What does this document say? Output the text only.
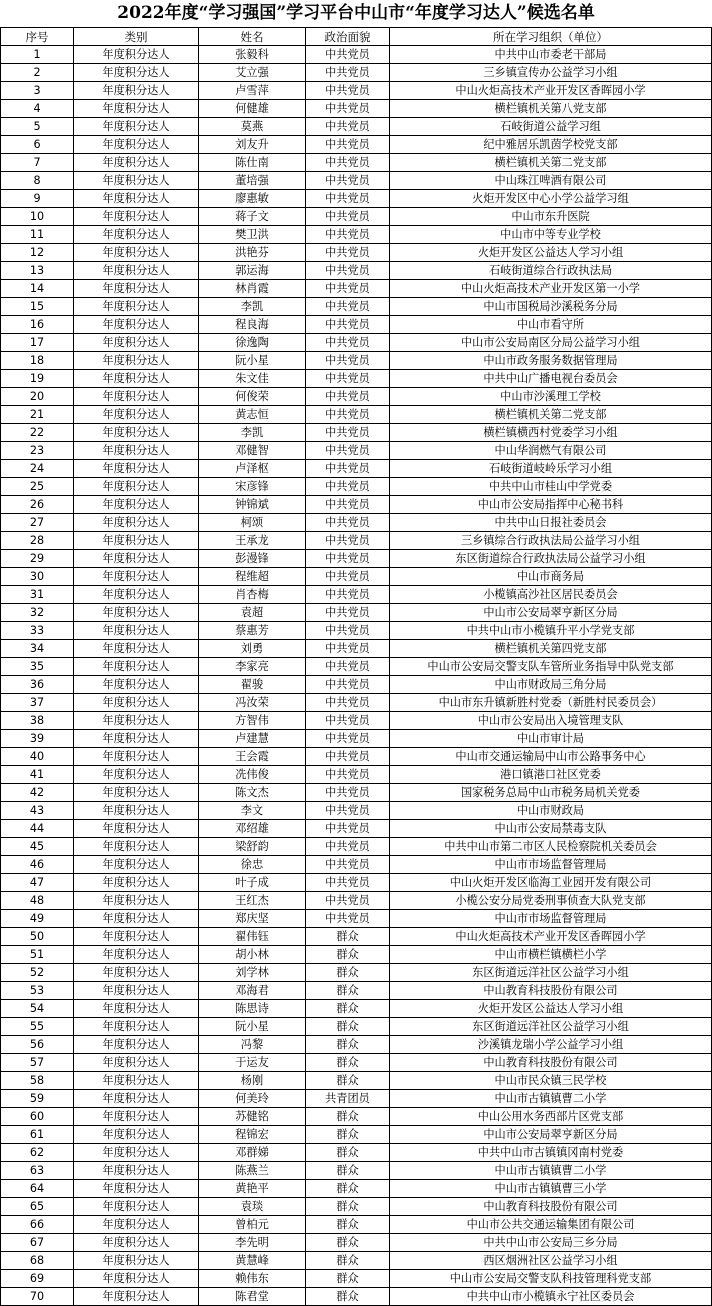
2022年度“学习强国”学习平台中山市“年度学习达人”候选名单
序号	类别	姓名	政治面貌	所在学习组织（单位）
1	年度积分达人	张毅科	中共党员	中共中山市委老干部局
2	年度积分达人	艾立强	中共党员	三乡镇宣传办公益学习小组
3	年度积分达人	卢雪萍	中共党员	中山火炬高技术产业开发区香晖园小学
4	年度积分达人	何健雄	中共党员	横栏镇机关第八党支部
5	年度积分达人	莫燕	中共党员	石岐街道公益学习组
6	年度积分达人	刘友升	中共党员	纪中雅居乐凯茵学校党支部
7	年度积分达人	陈仕南	中共党员	横栏镇机关第二党支部
8	年度积分达人	董培强	中共党员	中山珠江啤酒有限公司
9	年度积分达人	廖惠敏	中共党员	火炬开发区中心小学公益学习组
10	年度积分达人	蒋子文	中共党员	中山市东升医院
11	年度积分达人	樊卫洪	中共党员	中山市中等专业学校
12	年度积分达人	洪艳芬	中共党员	火炬开发区公益达人学习小组
13	年度积分达人	郭运海	中共党员	石岐街道综合行政执法局
14	年度积分达人	林肖霞	中共党员	中山火炬高技术产业开发区第一小学
15	年度积分达人	李凯	中共党员	中山市国税局沙溪税务分局
16	年度积分达人	程良海	中共党员	中山市看守所
17	年度积分达人	徐逸陶	中共党员	中山市公安局南区分局公益学习小组
18	年度积分达人	阮小星	中共党员	中山市政务服务数据管理局
19	年度积分达人	朱文佳	中共党员	中共中山广播电视台委员会
20	年度积分达人	何俊荣	中共党员	中山市沙溪理工学校
21	年度积分达人	黄志恒	中共党员	横栏镇机关第二党支部
22	年度积分达人	李凯	中共党员	横栏镇横西村党委学习小组
23	年度积分达人	邓健智	中共党员	中山华润燃气有限公司
24	年度积分达人	卢泽枢	中共党员	石岐街道岐岭乐学习小组
25	年度积分达人	宋彦锋	中共党员	中共中山市桂山中学党委
26	年度积分达人	钟锦斌	中共党员	中山市公安局指挥中心秘书科
27	年度积分达人	柯颂	中共党员	中共中山日报社委员会
28	年度积分达人	王承龙	中共党员	三乡镇综合行政执法局公益学习小组
29	年度积分达人	彭漫锋	中共党员	东区街道综合行政执法局公益学习小组
30	年度积分达人	程维超	中共党员	中山市商务局
31	年度积分达人	肖杏梅	中共党员	小榄镇高沙社区居民委员会
32	年度积分达人	袁超	中共党员	中山市公安局翠亨新区分局
33	年度积分达人	蔡惠芳	中共党员	中共中山市小榄镇升平小学党支部
34	年度积分达人	刘勇	中共党员	横栏镇机关第四党支部
35	年度积分达人	李家亮	中共党员	中山市公安局交警支队车管所业务指导中队党支部
36	年度积分达人	翟骏	中共党员	中山市财政局三角分局
37	年度积分达人	冯汝荣	中共党员	中山市东升镇新胜村党委（新胜村民委员会）
38	年度积分达人	方智伟	中共党员	中山市公安局出入境管理支队
39	年度积分达人	卢建慧	中共党员	中山市审计局
40	年度积分达人	王会霞	中共党员	中山市交通运输局中山市公路事务中心
41	年度积分达人	冼伟俊	中共党员	港口镇港口社区党委
42	年度积分达人	陈文杰	中共党员	国家税务总局中山市税务局机关党委
43	年度积分达人	李文	中共党员	中山市财政局
44	年度积分达人	邓绍雄	中共党员	中山市公安局禁毒支队
45	年度积分达人	梁舒韵	中共党员	中共中山市第二市区人民检察院机关委员会
46	年度积分达人	徐忠	中共党员	中山市市场监督管理局
47	年度积分达人	叶子成	中共党员	中山火炬开发区临海工业园开发有限公司
48	年度积分达人	王红杰	中共党员	小榄公安分局党委刑事侦查大队党支部
49	年度积分达人	郑庆坚	中共党员	中山市市场监督管理局
50	年度积分达人	翟伟钰	群众	中山火炬高技术产业开发区香晖园小学
51	年度积分达人	胡小林	群众	中山市横栏镇横栏小学
52	年度积分达人	刘学林	群众	东区街道远洋社区公益学习小组
53	年度积分达人	邓海君	群众	中山教育科技股份有限公司
54	年度积分达人	陈思诗	群众	火炬开发区公益达人学习小组
55	年度积分达人	阮小星	群众	东区街道远洋社区公益学习小组
56	年度积分达人	冯黎	群众	沙溪镇龙瑞小学公益学习小组
57	年度积分达人	于运友	群众	中山教育科技股份有限公司
58	年度积分达人	杨刚	群众	中山市民众镇三民学校
59	年度积分达人	何美玲	共青团员	中山市古镇镇曹二小学
60	年度积分达人	苏健铭	群众	中山公用水务西部片区党支部
61	年度积分达人	程锦宏	群众	中山市公安局翠亨新区分局
62	年度积分达人	邓群娣	群众	中共中山市古镇镇冈南村党委
63	年度积分达人	陈燕兰	群众	中山市古镇镇曹二小学
64	年度积分达人	黄艳平	群众	中山市古镇镇曹三小学
65	年度积分达人	袁琰	群众	中山教育科技股份有限公司
66	年度积分达人	曾柏元	群众	中山市公共交通运输集团有限公司
67	年度积分达人	李先明	群众	中共中山市公安局三乡分局
68	年度积分达人	黄慧峰	群众	西区烟洲社区公益学习小组
69	年度积分达人	赖伟东	群众	中山市公安局交警支队科技管理科党支部
70	年度积分达人	陈君堂	群众	中共中山市小榄镇永宁社区委员会
